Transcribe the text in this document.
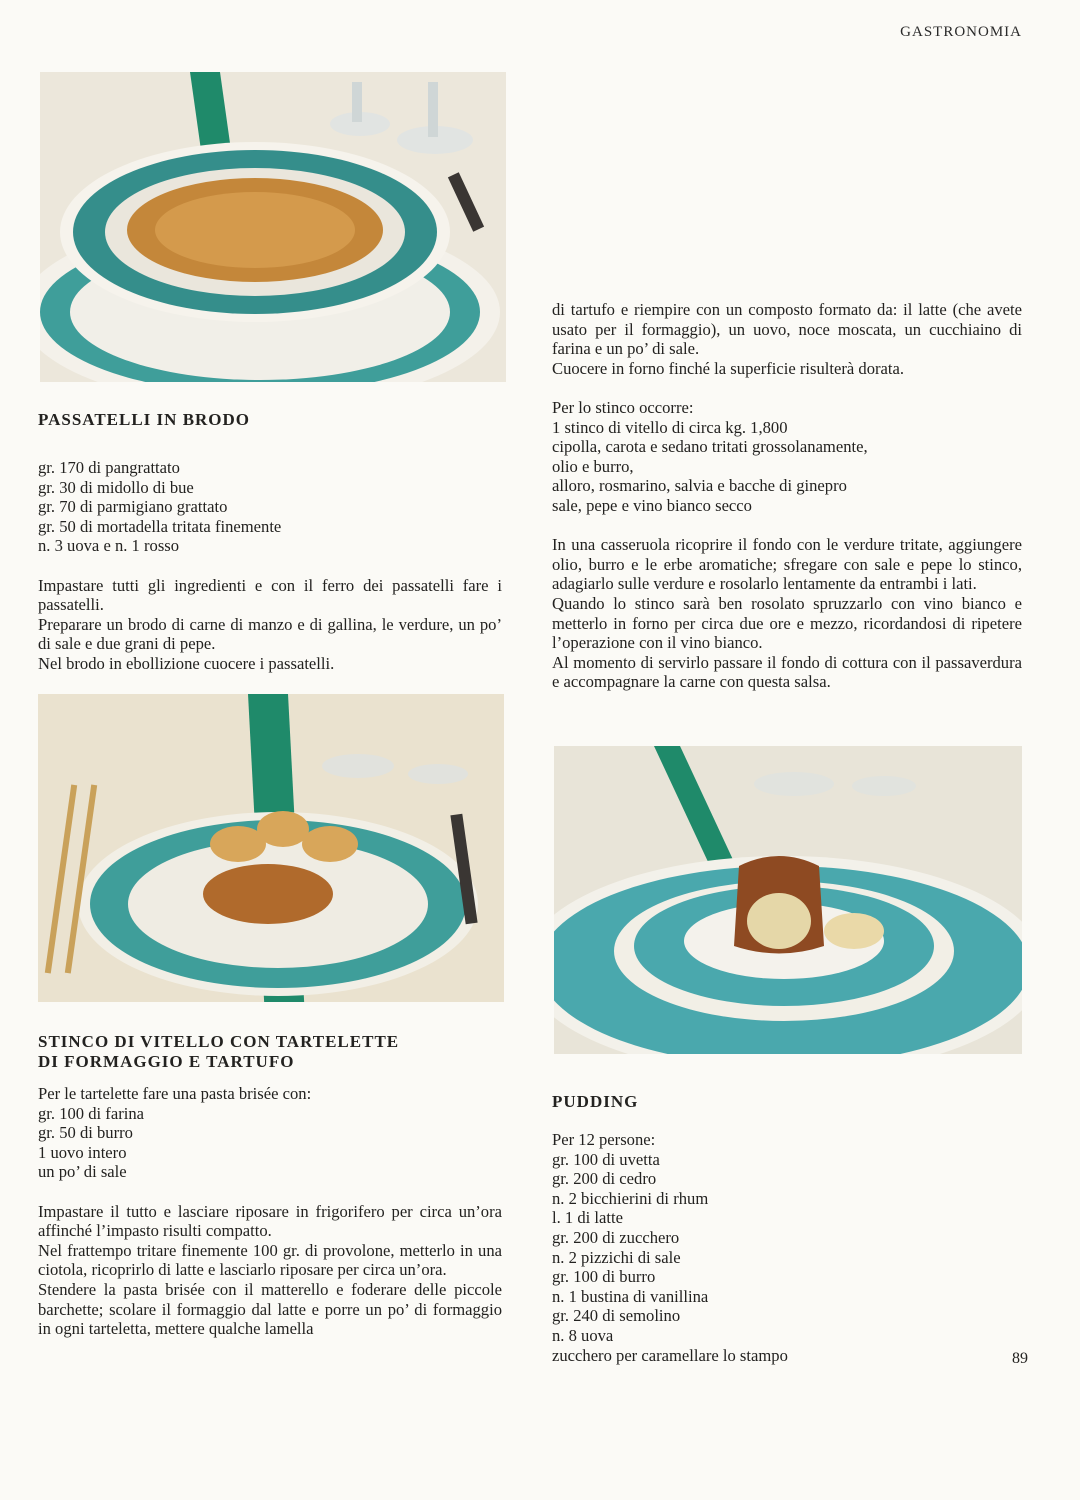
GASTRONOMIA

PASSATELLI IN BRODO

gr. 170 di pangrattato

gr. 30 di midollo di bue

gr. 70 di parmigiano grattato

gr. 50 di mortadella tritata finemente

n. 3 uova e n. 1 rosso

Impastare tutti gli ingredienti e con il ferro dei passatelli fare i passatelli.

Preparare un brodo di carne di manzo e di gallina, le verdure, un po’ di sale e due grani di pepe.

Nel brodo in ebollizione cuocere i passatelli.

STINCO DI VITELLO CON TARTELETTE

DI FORMAGGIO E TARTUFO

Per le tartelette fare una pasta brisée con:

gr. 100 di farina

gr. 50 di burro

1 uovo intero

un po’ di sale

Impastare il tutto e lasciare riposare in frigorifero per circa un’ora affinché l’impasto risulti compatto.

Nel frattempo tritare finemente 100 gr. di provolone, metterlo in una ciotola, ricoprirlo di latte e lasciarlo riposare per circa un’ora.

Stendere la pasta brisée con il matterello e foderare delle piccole barchette; scolare il formaggio dal latte e porre un po’ di formaggio in ogni tarteletta, mettere qualche lamella

di tartufo e riempire con un composto formato da: il latte (che avete usato per il formaggio), un uovo, noce moscata, un cucchiaino di farina e un po’ di sale.

Cuocere in forno finché la superficie risulterà dorata.

Per lo stinco occorre:

1 stinco di vitello di circa kg. 1,800

cipolla, carota e sedano tritati grossolanamente,

olio e burro,

alloro, rosmarino, salvia e bacche di ginepro

sale, pepe e vino bianco secco

In una casseruola ricoprire il fondo con le verdure tritate, aggiungere olio, burro e le erbe aromatiche; sfregare con sale e pepe lo stinco, adagiarlo sulle verdure e rosolarlo lentamente da entrambi i lati.

Quando lo stinco sarà ben rosolato spruzzarlo con vino bianco e metterlo in forno per circa due ore e mezzo, ricordandosi di ripetere l’operazione con il vino bianco.

Al momento di servirlo passare il fondo di cottura con il passaverdura e accompagnare la carne con questa salsa.

PUDDING

Per 12 persone:

gr. 100 di uvetta

gr. 200 di cedro

n. 2 bicchierini di rhum

l. 1 di latte

gr. 200 di zucchero

n. 2 pizzichi di sale

gr. 100 di burro

n. 1 bustina di vanillina

gr. 240 di semolino

n. 8 uova

zucchero per caramellare lo stampo	89
